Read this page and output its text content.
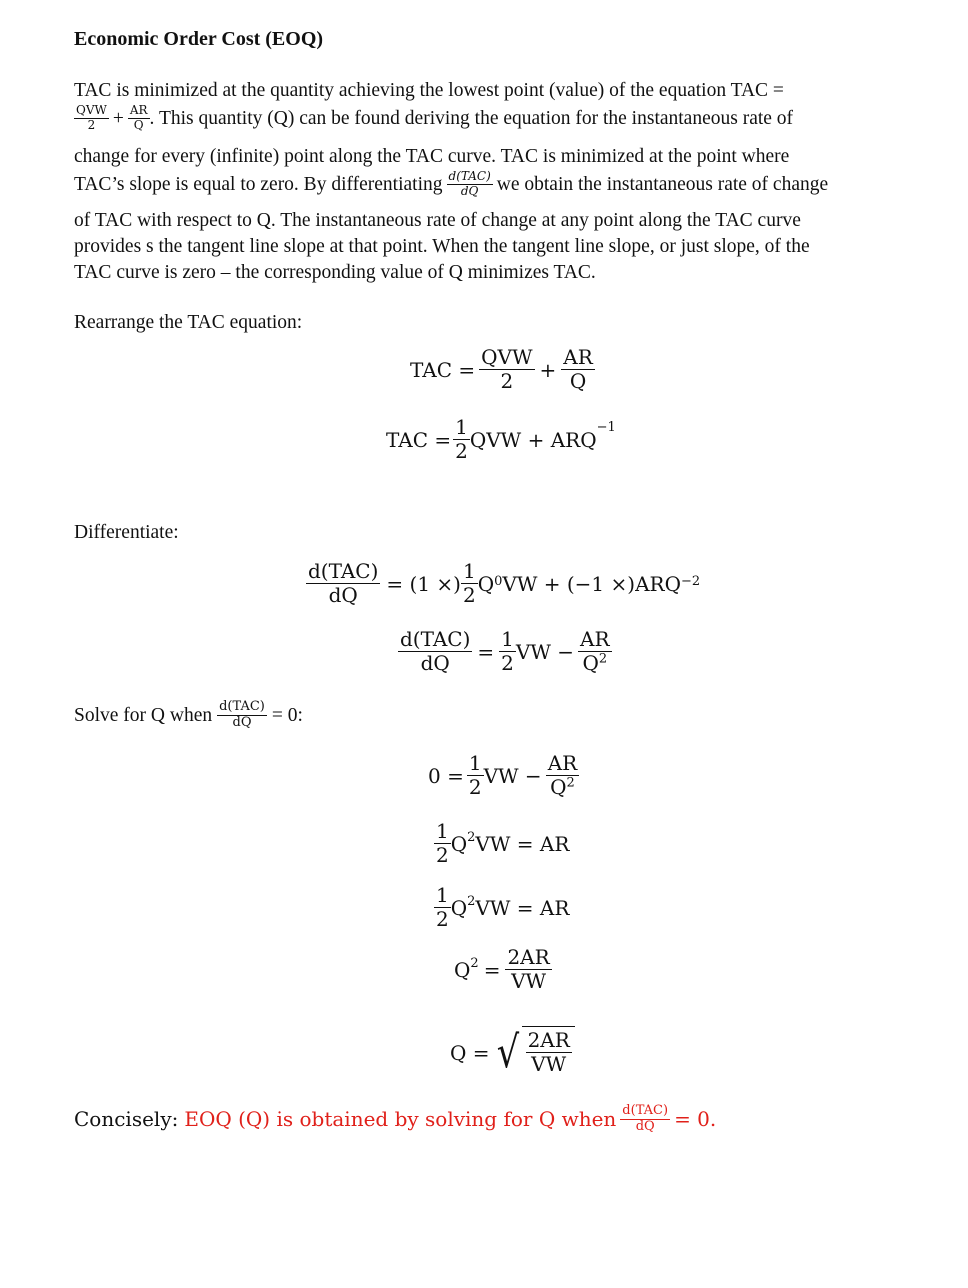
Economic Order Cost (EOQ)
TAC is minimized at the quantity achieving the lowest point (value) of the equation TAC =
$\frac{\text{QVW}}{2} + \frac{AR}{Q}$ . This quantity (Q) can be found deriving the equation for the instantaneous rate of
change for every (infinite) point along the TAC curve. TAC is minimized at the point where
TAC’s slope is equal to zero. By differentiating $\frac{\text{d(TAC)}}{dQ}$ we obtain the instantaneous rate of change
of TAC with respect to Q. The instantaneous rate of change at any point along the TAC curve
provides s the tangent line slope at that point. When the tangent line slope, or just slope, of the
TAC curve is zero – the corresponding value of Q minimizes TAC.
Rearrange the TAC equation:
TAC = $\frac{\text{QVW}}{2} + \frac{AR}{Q}$
TAC = $\frac{1}{2}$ QVW + $ARQ^{-1}$
Differentiate:
$\frac{\text{d(TAC)}}{dQ} = (1$ ×) $\frac{1}{2}$ Q 0 VW + (−1 ×)ARQ −2
$\frac{\text{d(TAC)}}{dQ} = \frac{1}{2}$ VW − $\frac{AR}{Q^2}$
Solve for Q when $\frac{\text{d(TAC)}}{dQ} = 0$:
$0 = \frac{1}{2}$ VW − $\frac{AR}{Q^2}$
$\frac{1}{2} Q^2$ VW = AR
$\frac{1}{2} Q^2$ VW = AR
$Q^2 = \frac{2AR}{VW}$
Q = √ $\frac{2AR}{VW}$
Concisely: EOQ (Q) is obtained by solving for Q when $\frac{\text{d(TAC)}}{dQ} = 0$.
